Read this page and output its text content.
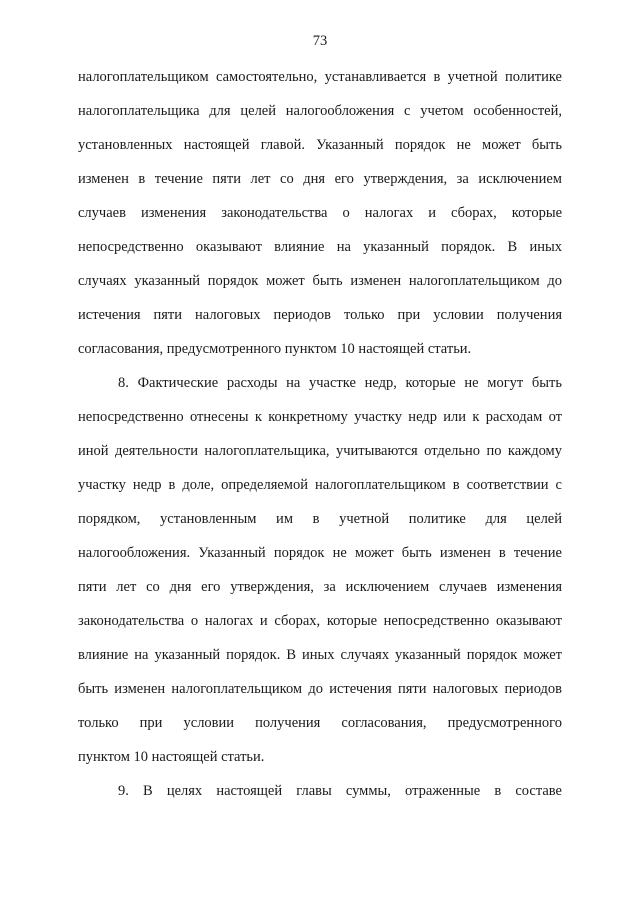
73
налогоплательщиком самостоятельно, устанавливается в учетной политике
налогоплательщика для целей налогообложения с учетом особенностей,
установленных настоящей главой. Указанный порядок не может быть
изменен в течение пяти лет со дня его утверждения, за исключением
случаев изменения законодательства о налогах и сборах, которые
непосредственно оказывают влияние на указанный порядок. В иных
случаях указанный порядок может быть изменен налогоплательщиком до
истечения пяти налоговых периодов только при условии получения
согласования, предусмотренного пунктом 10 настоящей статьи.
8. Фактические расходы на участке недр, которые не могут быть
непосредственно отнесены к конкретному участку недр или к расходам от
иной деятельности налогоплательщика, учитываются отдельно по каждому
участку недр в доле, определяемой налогоплательщиком в соответствии с
порядком, установленным им в учетной политике для целей
налогообложения. Указанный порядок не может быть изменен в течение
пяти лет со дня его утверждения, за исключением случаев изменения
законодательства о налогах и сборах, которые непосредственно оказывают
влияние на указанный порядок. В иных случаях указанный порядок может
быть изменен налогоплательщиком до истечения пяти налоговых периодов
только при условии получения согласования, предусмотренного
пунктом 10 настоящей статьи.
9. В целях настоящей главы суммы, отраженные в составе
